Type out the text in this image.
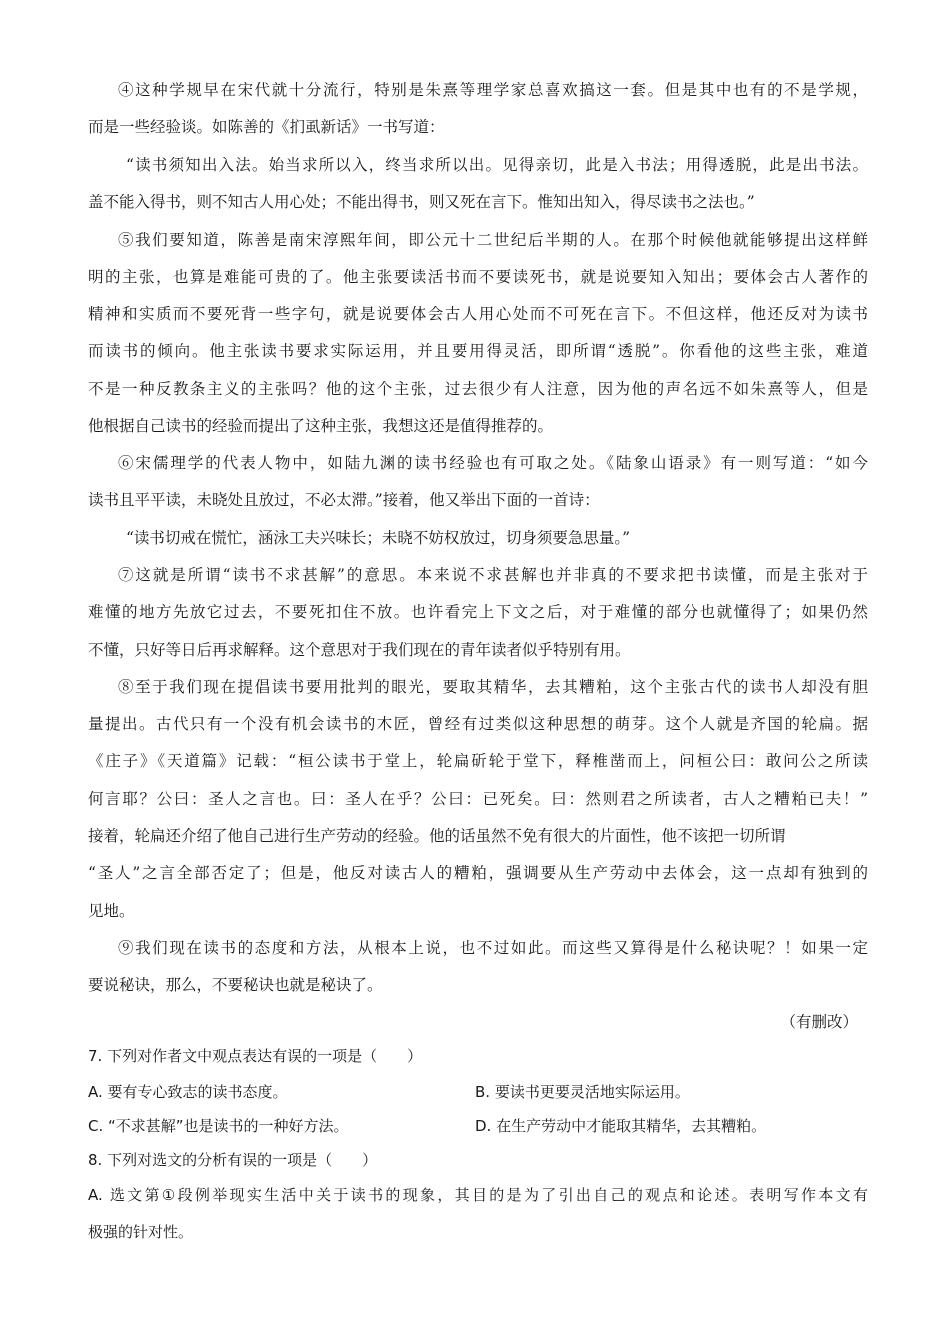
④这种学规早在宋代就十分流行，特别是朱熹等理学家总喜欢搞这一套。但是其中也有的不是学规，
而是一些经验谈。如陈善的《扪虱新话》一书写道：
“读书须知出入法。始当求所以入，终当求所以出。见得亲切，此是入书法；用得透脱，此是出书法。
盖不能入得书，则不知古人用心处；不能出得书，则又死在言下。惟知出知入，得尽读书之法也。”
⑤我们要知道，陈善是南宋淳熙年间，即公元十二世纪后半期的人。在那个时候他就能够提出这样鲜
明的主张，也算是难能可贵的了。他主张要读活书而不要读死书，就是说要知入知出；要体会古人著作的
精神和实质而不要死背一些字句，就是说要体会古人用心处而不可死在言下。不但这样，他还反对为读书
而读书的倾向。他主张读书要求实际运用，并且要用得灵活，即所谓“透脱”。你看他的这些主张，难道
不是一种反教条主义的主张吗？他的这个主张，过去很少有人注意，因为他的声名远不如朱熹等人，但是
他根据自己读书的经验而提出了这种主张，我想这还是值得推荐的。
⑥宋儒理学的代表人物中，如陆九渊的读书经验也有可取之处。《陆象山语录》有一则写道：“如今
读书且平平读，未晓处且放过，不必太滞。”接着，他又举出下面的一首诗：
“读书切戒在慌忙，涵泳工夫兴味长；未晓不妨权放过，切身须要急思量。”
⑦这就是所谓“读书不求甚解”的意思。本来说不求甚解也并非真的不要求把书读懂，而是主张对于
难懂的地方先放它过去，不要死扣住不放。也许看完上下文之后，对于难懂的部分也就懂得了；如果仍然
不懂，只好等日后再求解释。这个意思对于我们现在的青年读者似乎特别有用。
⑧至于我们现在提倡读书要用批判的眼光，要取其精华，去其糟粕，这个主张古代的读书人却没有胆
量提出。古代只有一个没有机会读书的木匠，曾经有过类似这种思想的萌芽。这个人就是齐国的轮扁。据
《庄子》《天道篇》记载：“桓公读书于堂上，轮扁斫轮于堂下，释椎凿而上，问桓公曰：敢问公之所读
何言耶？公曰：圣人之言也。曰：圣人在乎？公曰：已死矣。曰：然则君之所读者，古人之糟粕已夫！”
接着，轮扁还介绍了他自己进行生产劳动的经验。他的话虽然不免有很大的片面性，他不该把一切所谓
“圣人”之言全部否定了；但是，他反对读古人的糟粕，强调要从生产劳动中去体会，这一点却有独到的
见地。
⑨我们现在读书的态度和方法，从根本上说，也不过如此。而这些又算得是什么秘诀呢？！如果一定
要说秘诀，那么，不要秘诀也就是秘诀了。
（有删改）
7. 下列对作者文中观点表达有误的一项是（　　）
A. 要有专心致志的读书态度。	B. 要读书更要灵活地实际运用。
C. “不求甚解”也是读书的一种好方法。	D. 在生产劳动中才能取其精华，去其糟粕。
8. 下列对选文的分析有误的一项是（　　）
A. 选文第①段例举现实生活中关于读书的现象，其目的是为了引出自己的观点和论述。表明写作本文有
极强的针对性。
